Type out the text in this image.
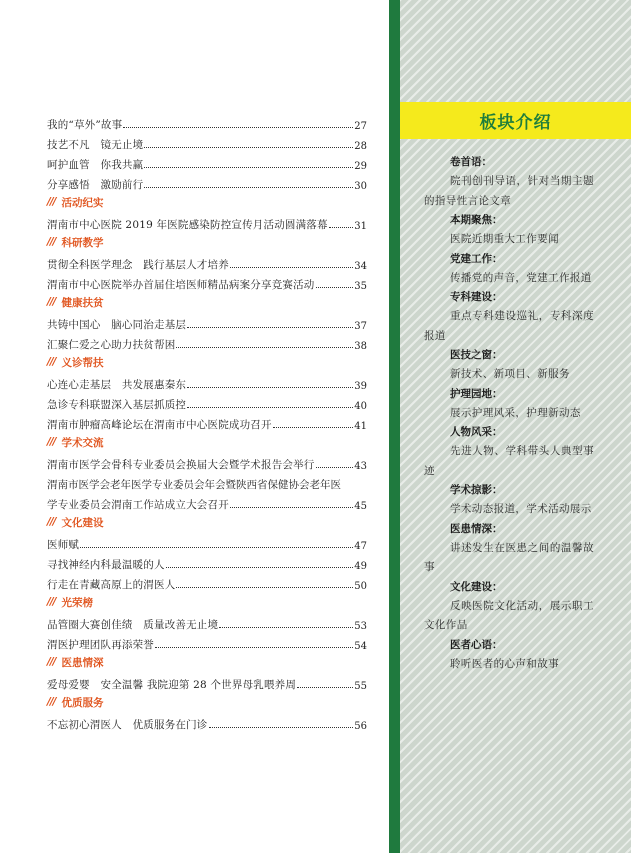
我的“草外”故事	27
技艺不凡　镜无止境	28
呵护血管　你我共赢	29
分享感悟　激励前行	30
/// 活动纪实
渭南市中心医院 2019 年医院感染防控宣传月活动圆满落幕	31
/// 科研教学
贯彻全科医学理念　践行基层人才培养	34
渭南市中心医院举办首届住培医师精品病案分享竞赛活动	35
/// 健康扶贫
共铸中国心　脑心同治走基层	37
汇聚仁爱之心助力扶贫帮困	38
/// 义诊帮扶
心连心走基层　共发展惠秦东	39
急诊专科联盟深入基层抓质控	40
渭南市肿瘤高峰论坛在渭南市中心医院成功召开	41
/// 学术交流
渭南市医学会骨科专业委员会换届大会暨学术报告会举行	43
渭南市医学会老年医学专业委员会年会暨陕西省保健协会老年医
学专业委员会渭南工作站成立大会召开	45
/// 文化建设
医师赋	47
寻找神经内科最温暖的人	49
行走在青藏高原上的渭医人	50
/// 光荣榜
品管圈大赛创佳绩　质量改善无止境	53
渭医护理团队再添荣誉	54
/// 医患情深
爱母爱婴　安全温馨 我院迎第 28 个世界母乳喂养周	55
/// 优质服务
不忘初心渭医人　优质服务在门诊	56
板块介绍
卷首语：
院刊创刊导语，针对当期主题的指导性言论文章
本期聚焦：
医院近期重大工作要闻
党建工作：
传播党的声音，党建工作报道
专科建设：
重点专科建设巡礼，专科深度报道
医技之窗：
新技术、新项目、新服务
护理园地：
展示护理风采，护理新动态
人物风采：
先进人物、学科带头人典型事迹
学术掠影：
学术动态报道，学术活动展示
医患情深：
讲述发生在医患之间的温馨故事
文化建设：
反映医院文化活动，展示职工文化作品
医者心语：
聆听医者的心声和故事
